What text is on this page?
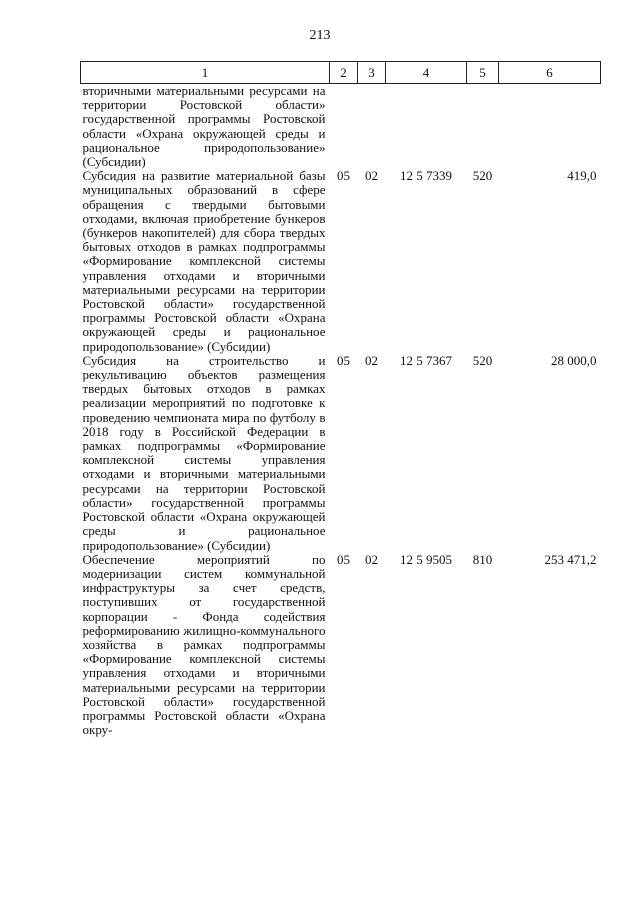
213
1	2	3	4	5	6
вторичными материальными ресурсами на территории Ростовской области» государственной программы Ростовской области «Охрана окружающей среды и рациональное природопользование» (Субсидии)					
Субсидия на развитие материальной базы муниципальных образований в сфере обращения с твердыми бытовыми отходами, включая приобретение бункеров (бункеров накопителей) для сбора твердых бытовых отходов в рамках подпрограммы «Формирование комплексной системы управления отходами и вторичными материальными ресурсами на территории Ростовской области» государственной программы Ростовской области «Охрана окружающей среды и рациональное природопользование» (Субсидии)	05	02	12 5 7339	520	419,0
Субсидия на строительство и рекультивацию объектов размещения твердых бытовых отходов в рамках реализации мероприятий по подготовке к проведению чемпионата мира по футболу в 2018 году в Российской Федерации в рамках подпрограммы «Формирование комплексной системы управления отходами и вторичными материальными ресурсами на территории Ростовской области» государственной программы Ростовской области «Охрана окружающей среды и рациональное природопользование» (Субсидии)	05	02	12 5 7367	520	28 000,0
Обеспечение мероприятий по модернизации систем коммунальной инфраструктуры за счет средств, поступивших от государственной корпорации - Фонда содействия реформированию жилищно-коммунального хозяйства в рамках подпрограммы «Формирование комплексной системы управления отходами и вторичными материальными ресурсами на территории Ростовской области» государственной программы Ростовской области «Охрана окру-	05	02	12 5 9505	810	253 471,2
